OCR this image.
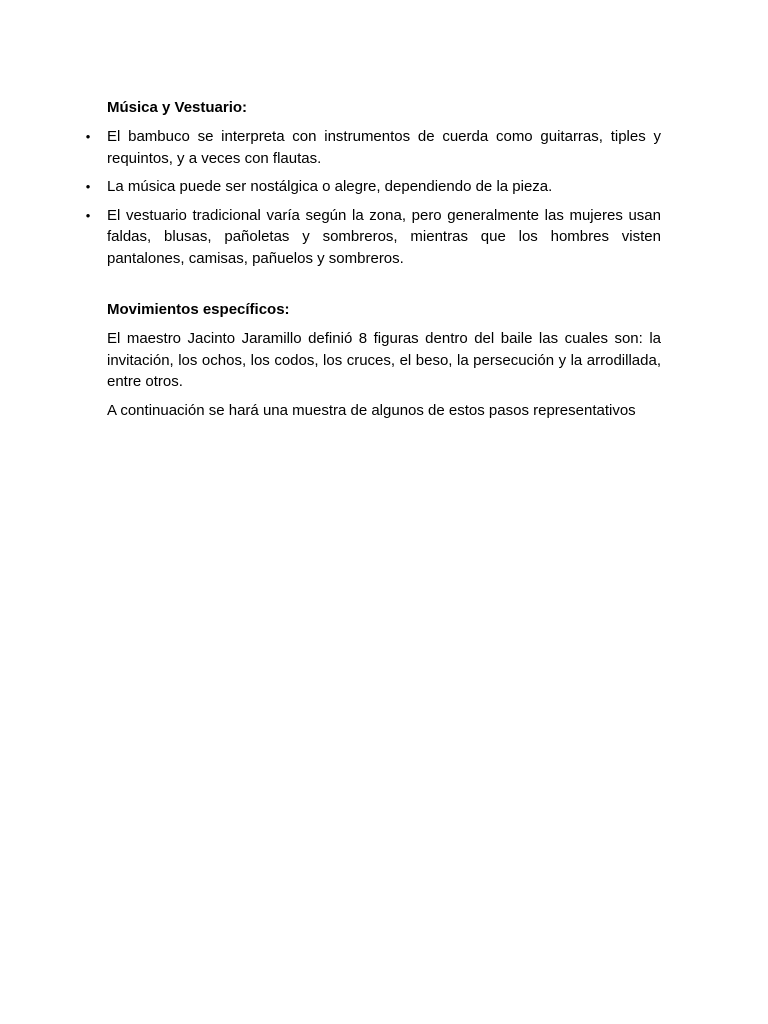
Música y Vestuario:
• El bambuco se interpreta con instrumentos de cuerda como guitarras, tiples y requintos, y a veces con flautas.
• La música puede ser nostálgica o alegre, dependiendo de la pieza.
• El vestuario tradicional varía según la zona, pero generalmente las mujeres usan faldas, blusas, pañoletas y sombreros, mientras que los hombres visten pantalones, camisas, pañuelos y sombreros.
Movimientos específicos:

El maestro Jacinto Jaramillo definió 8 figuras dentro del baile las cuales son: la invitación, los ochos, los codos, los cruces, el beso, la persecución y la arrodillada, entre otros.

A continuación se hará una muestra de algunos de estos pasos representativos
